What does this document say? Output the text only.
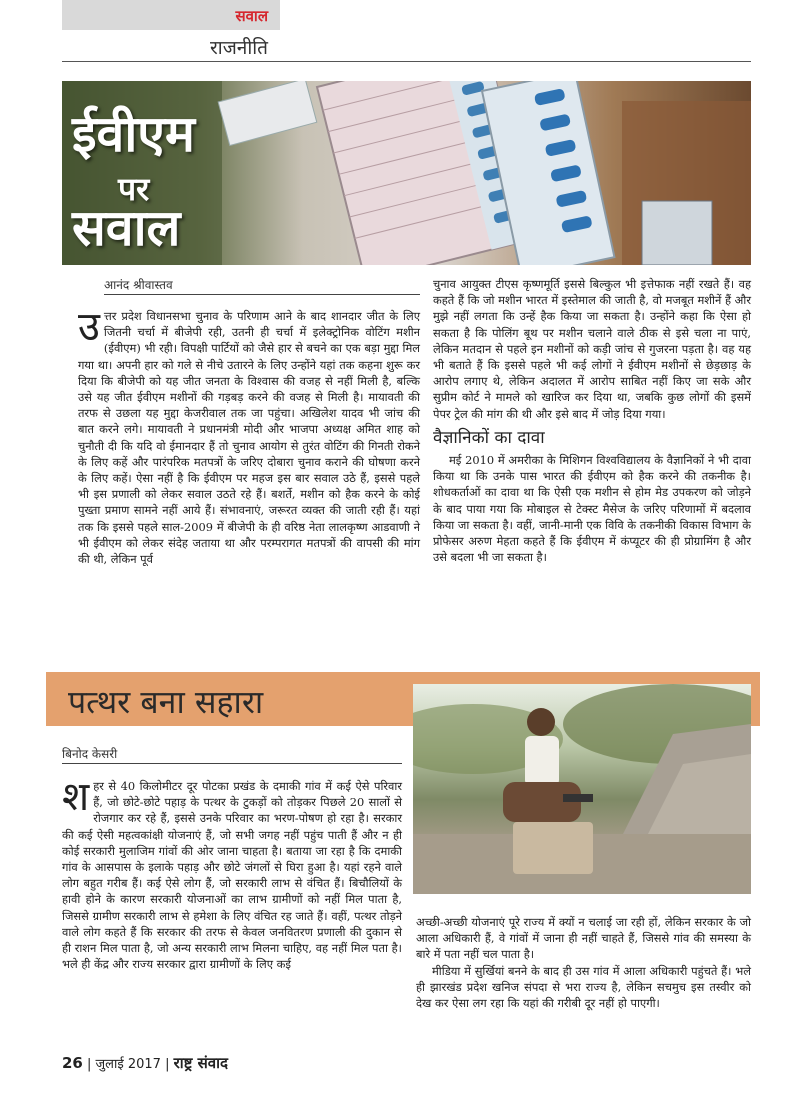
सवाल
राजनीति
ईवीएम
पर
सवाल
आनंद श्रीवास्तव

उत्तर प्रदेश विधानसभा चुनाव के परिणाम आने के बाद शानदार जीत के लिए जितनी चर्चा में बीजेपी रही, उतनी ही चर्चा में इलेक्ट्रोनिक वोटिंग मशीन (ईवीएम) भी रही। विपक्षी पार्टियों को जैसे हार से बचने का एक बड़ा मुद्दा मिल गया था। अपनी हार को गले से नीचे उतारने के लिए उन्होंने यहां तक कहना शुरू कर दिया कि बीजेपी को यह जीत जनता के विश्वास की वजह से नहीं मिली है, बल्कि उसे यह जीत ईवीएम मशीनों की गड़बड़ करने की वजह से मिली है। मायावती की तरफ से उछला यह मुद्दा केजरीवाल तक जा पहुंचा। अखिलेश यादव भी जांच की बात करने लगे। मायावती ने प्रधानमंत्री मोदी और भाजपा अध्यक्ष अमित शाह को चुनौती दी कि यदि वो ईमानदार हैं तो चुनाव आयोग से तुरंत वोटिंग की गिनती रोकने के लिए कहें और पारंपरिक मतपत्रों के जरिए दोबारा चुनाव कराने की घोषणा करने के लिए कहें। ऐसा नहीं है कि ईवीएम पर महज इस बार सवाल उठे हैं, इससे पहले भी इस प्रणाली को लेकर सवाल उठते रहे हैं। बशर्ते, मशीन को हैक करने के कोई पुख्ता प्रमाण सामने नहीं आये हैं। संभावनाएं, जरूरत व्यक्त की जाती रही हैं। यहां तक कि इससे पहले साल-2009 में बीजेपी के ही वरिष्ठ नेता लालकृष्ण आडवाणी ने भी ईवीएम को लेकर संदेह जताया था और परम्परागत मतपत्रों की वापसी की मांग की थी, लेकिन पूर्व

चुनाव आयुक्त टीएस कृष्णमूर्ति इससे बिल्कुल भी इत्तेफाक नहीं रखते हैं। वह कहते हैं कि जो मशीन भारत में इस्तेमाल की जाती है, वो मजबूत मशीनें हैं और मुझे नहीं लगता कि उन्हें हैक किया जा सकता है। उन्होंने कहा कि ऐसा हो सकता है कि पोलिंग बूथ पर मशीन चलाने वाले ठीक से इसे चला ना पाएं, लेकिन मतदान से पहले इन मशीनों को कड़ी जांच से गुजरना पड़ता है। वह यह भी बताते हैं कि इससे पहले भी कई लोगों ने ईवीएम मशीनों से छेड़छाड़ के आरोप लगाए थे, लेकिन अदालत में आरोप साबित नहीं किए जा सके और सुप्रीम कोर्ट ने मामले को खारिज कर दिया था, जबकि कुछ लोगों की इसमें पेपर ट्रेल की मांग की थी और इसे बाद में जोड़ दिया गया।

वैज्ञानिकों का दावा

मई 2010 में अमरीका के मिशिगन विश्वविद्यालय के वैज्ञानिकों ने भी दावा किया था कि उनके पास भारत की ईवीएम को हैक करने की तकनीक है। शोधकर्ताओं का दावा था कि ऐसी एक मशीन से होम मेड उपकरण को जोड़ने के बाद पाया गया कि मोबाइल से टेक्स्ट मैसेज के जरिए परिणामों में बदलाव किया जा सकता है। वहीं, जानी-मानी एक विवि के तकनीकी विकास विभाग के प्रोफेसर अरुण मेहता कहते हैं कि ईवीएम में कंप्यूटर की ही प्रोग्रामिंग है और उसे बदला भी जा सकता है।

पत्थर बना सहारा
बिनोद केसरी

शहर से 40 किलोमीटर दूर पोटका प्रखंड के दमाकी गांव में कई ऐसे परिवार हैं, जो छोटे-छोटे पहाड़ के पत्थर के टुकड़ों को तोड़कर पिछले 20 सालों से रोजगार कर रहे हैं, इससे उनके परिवार का भरण-पोषण हो रहा है। सरकार की कई ऐसी महत्वकांक्षी योजनाएं हैं, जो सभी जगह नहीं पहुंच पाती हैं और न ही कोई सरकारी मुलाजिम गांवों की ओर जाना चाहता है। बताया जा रहा है कि दमाकी गांव के आसपास के इलाके पहाड़ और छोटे जंगलों से घिरा हुआ है। यहां रहने वाले लोग बहुत गरीब हैं। कई ऐसे लोग हैं, जो सरकारी लाभ से वंचित हैं। बिचौलियों के हावी होने के कारण सरकारी योजनाओं का लाभ ग्रामीणों को नहीं मिल पाता है, जिससे ग्रामीण सरकारी लाभ से हमेशा के लिए वंचित रह जाते हैं। वहीं, पत्थर तोड़ने वाले लोग कहते हैं कि सरकार की तरफ से केवल जनवितरण प्रणाली की दुकान से ही राशन मिल पाता है, जो अन्य सरकारी लाभ मिलना चाहिए, वह नहीं मिल पता है। भले ही केंद्र और राज्य सरकार द्वारा ग्रामीणों के लिए कई

अच्छी-अच्छी योजनाएं पूरे राज्य में क्यों न चलाई जा रही हों, लेकिन सरकार के जो आला अधिकारी हैं, वे गांवों में जाना ही नहीं चाहते हैं, जिससे गांव की समस्या के बारे में पता नहीं चल पाता है।

मीडिया में सुर्खियां बनने के बाद ही उस गांव में आला अधिकारी पहुंचते हैं। भले ही झारखंड प्रदेश खनिज संपदा से भरा राज्य है, लेकिन सचमुच इस तस्वीर को देख कर ऐसा लग रहा कि यहां की गरीबी दूर नहीं हो पाएगी।

26 | जुलाई 2017 | राष्ट्र संवाद
